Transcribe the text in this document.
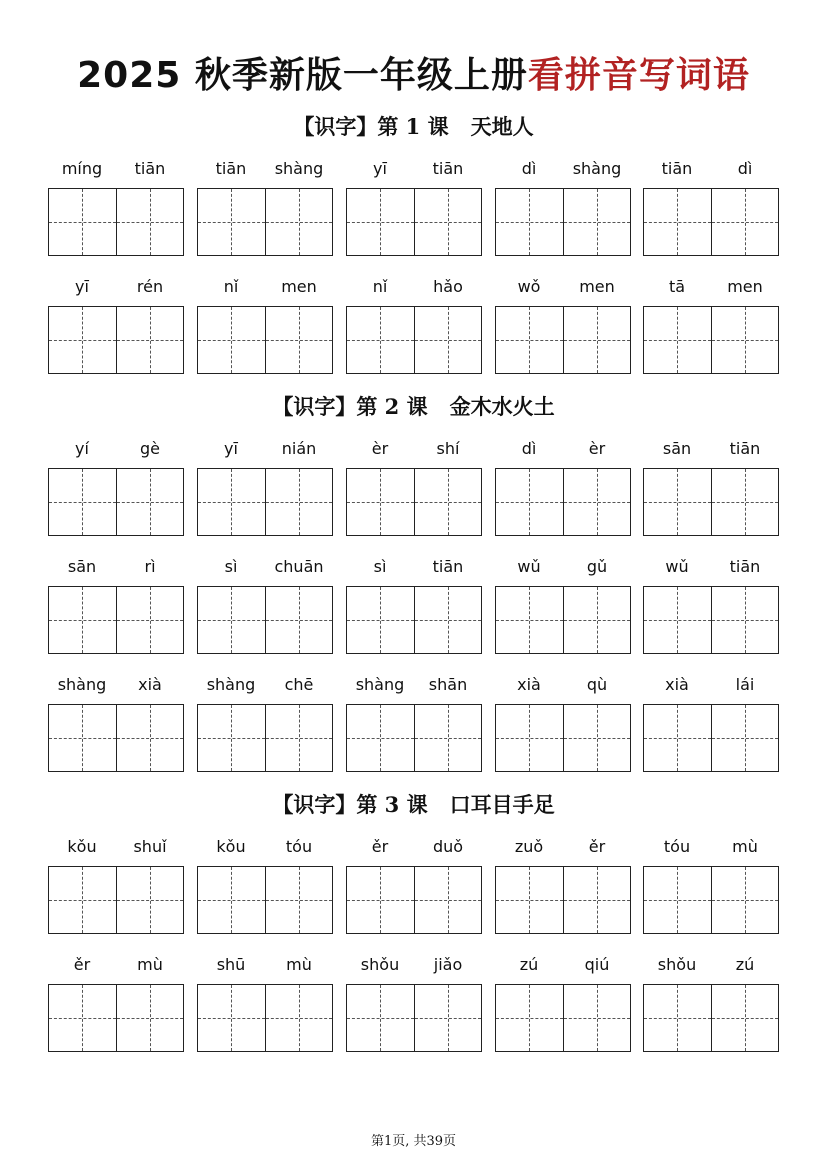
2025 秋季新版一年级上册看拼音写词语
【识字】第 1 课 天地人
míng	tiān	tiān	shàng	yī	tiān	dì	shàng	tiān	dì
yī	rén	nǐ	men	nǐ	hǎo	wǒ	men	tā	men
【识字】第 2 课 金木水火土
yí	gè	yī	nián	èr	shí	dì	èr	sān	tiān
sān	rì	sì	chuān	sì	tiān	wǔ	gǔ	wǔ	tiān
shàng	xià	shàng	chē	shàng	shān	xià	qù	xià	lái
【识字】第 3 课 口耳目手足
kǒu	shuǐ	kǒu	tóu	ěr	duǒ	zuǒ	ěr	tóu	mù
ěr	mù	shū	mù	shǒu	jiǎo	zú	qiú	shǒu	zú
第1页, 共39页
